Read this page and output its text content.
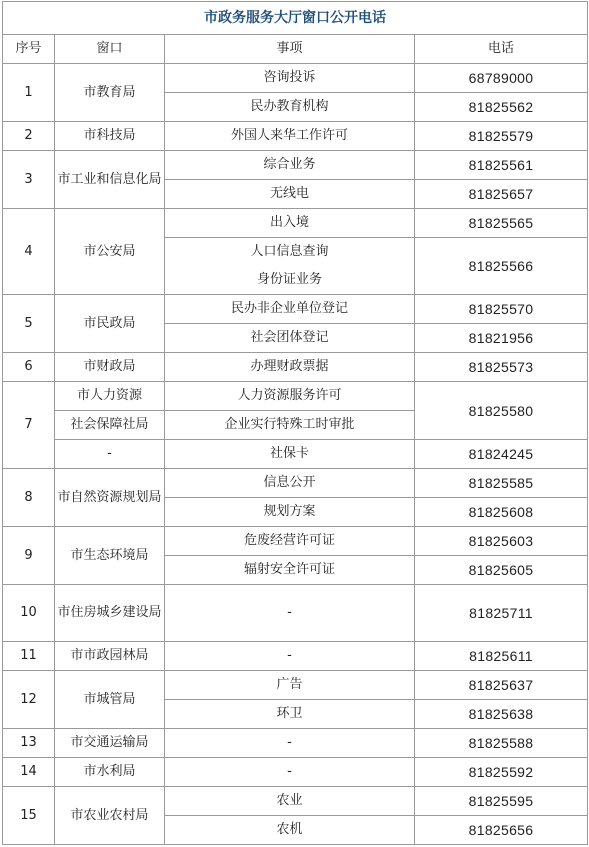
市政务服务大厅窗口公开电话			
序号	窗口	事项	电话
1	市教育局	咨询投诉	68789000
		民办教育机构	81825562
2	市科技局	外国人来华工作许可	81825579
3	市工业和信息化局	综合业务	81825561
		无线电	81825657
4	市公安局	出入境	81825565
		人口信息查询	81825566
		身份证业务	
5	市民政局	民办非企业单位登记	81825570
		社会团体登记	81821956
6	市财政局	办理财政票据	81825573
7	市人力资源	人力资源服务许可	81825580
	社会保障社局	企业实行特殊工时审批	
	-	社保卡	81824245
8	市自然资源规划局	信息公开	81825585
		规划方案	81825608
9	市生态环境局	危废经营许可证	81825603
		辐射安全许可证	81825605
10	市住房城乡建设局	-	81825711
11	市市政园林局	-	81825611
12	市城管局	广告	81825637
		环卫	81825638
13	市交通运输局	-	81825588
14	市水利局	-	81825592
15	市农业农村局	农业	81825595
		农机	81825656
